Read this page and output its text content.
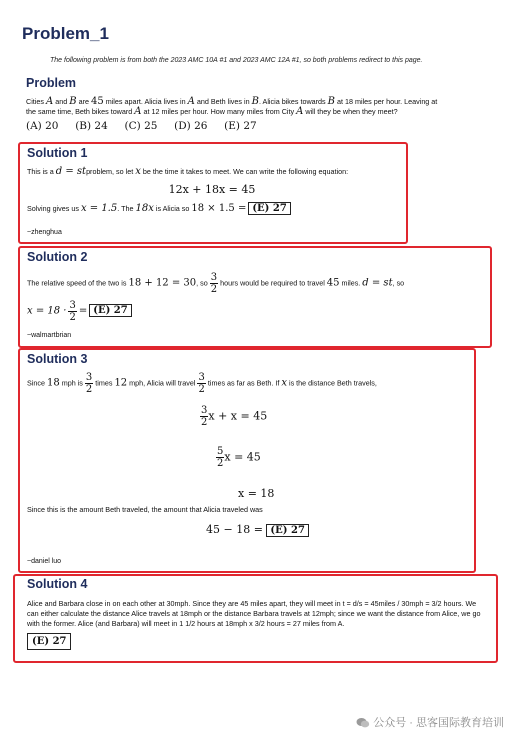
Problem_1
The following problem is from both the 2023 AMC 10A #1 and 2023 AMC 12A #1, so both problems redirect to this page.
Problem
Cities A and B are 45 miles apart. Alicia lives in A and Beth lives in B. Alicia bikes towards B at 18 miles per hour. Leaving at
the same time, Beth bikes toward A at 12 miles per hour. How many miles from City A will they be when they meet?
(A) 20 (B) 24 (C) 25 (D) 26 (E) 27
Solution 1
This is a d = stproblem, so let x be the time it takes to meet. We can write the following equation:
12x + 18x = 45
Solving gives us x = 1.5. The 18x is Alicia so 18 × 1.5 = (E) 27
~zhenghua
Solution 2
The relative speed of the two is 18 + 12 = 30, so $\frac{3}{2}$ hours would be required to travel 45 miles. d = st, so
$x = 18 \cdot \frac{3}{2} = (E)$ 27
~walmartbrian
Solution 3
Since 18 mph is $\frac{3}{2}$ times 12 mph, Alicia will travel $\frac{3}{2}$ times as far as Beth. If x is the distance Beth travels,
$\frac{3}{2}$ x + x = 45
$\frac{5}{2}$ x = 45
x = 18
Since this is the amount Beth traveled, the amount that Alicia traveled was
45 − 18 = (E) 27
~daniel luo
Solution 4
Alice and Barbara close in on each other at 30mph. Since they are 45 miles apart, they will meet in t = d/s = 45miles / 30mph = 3/2 hours. We can either calculate the distance Alice travels at 18mph or the distance Barbara travels at 12mph; since we want the distance from Alice, we go with the former. Alice (and Barbara) will meet in 1 1/2 hours at 18mph x 3/2 hours = 27 miles from A.
(E) 27
公众号 · 思客国际教育培训
